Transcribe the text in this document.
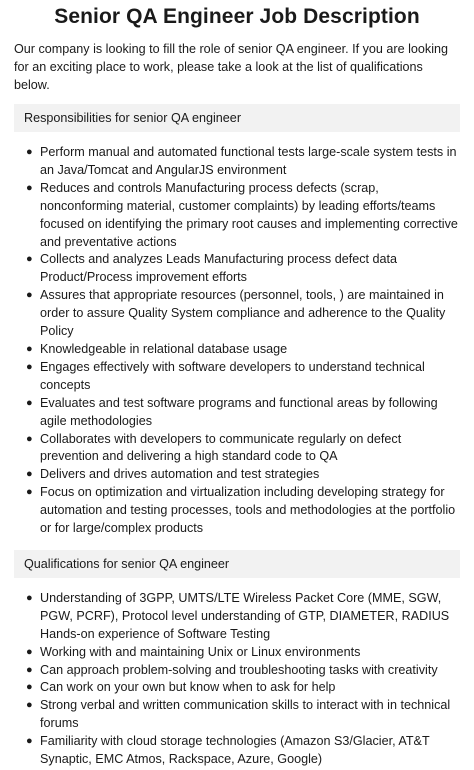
Senior QA Engineer Job Description

Our company is looking to fill the role of senior QA engineer. If you are looking for an exciting place to work, please take a look at the list of qualifications below.

Responsibilities for senior QA engineer
● Perform manual and automated functional tests large-scale system tests in an Java/Tomcat and AngularJS environment
● Reduces and controls Manufacturing process defects (scrap, nonconforming material, customer complaints) by leading efforts/teams focused on identifying the primary root causes and implementing corrective and preventative actions
● Collects and analyzes Leads Manufacturing process defect data Product/Process improvement efforts
● Assures that appropriate resources (personnel, tools, ) are maintained in order to assure Quality System compliance and adherence to the Quality Policy
● Knowledgeable in relational database usage
● Engages effectively with software developers to understand technical concepts
● Evaluates and test software programs and functional areas by following agile methodologies
● Collaborates with developers to communicate regularly on defect prevention and delivering a high standard code to QA
● Delivers and drives automation and test strategies
● Focus on optimization and virtualization including developing strategy for automation and testing processes, tools and methodologies at the portfolio or for large/complex products
Qualifications for senior QA engineer
● Understanding of 3GPP, UMTS/LTE Wireless Packet Core (MME, SGW, PGW, PCRF), Protocol level understanding of GTP, DIAMETER, RADIUS Hands-on experience of Software Testing
● Working with and maintaining Unix or Linux environments
● Can approach problem-solving and troubleshooting tasks with creativity
● Can work on your own but know when to ask for help
● Strong verbal and written communication skills to interact with in technical forums
● Familiarity with cloud storage technologies (Amazon S3/Glacier, AT&T Synaptic, EMC Atmos, Rackspace, Azure, Google)
